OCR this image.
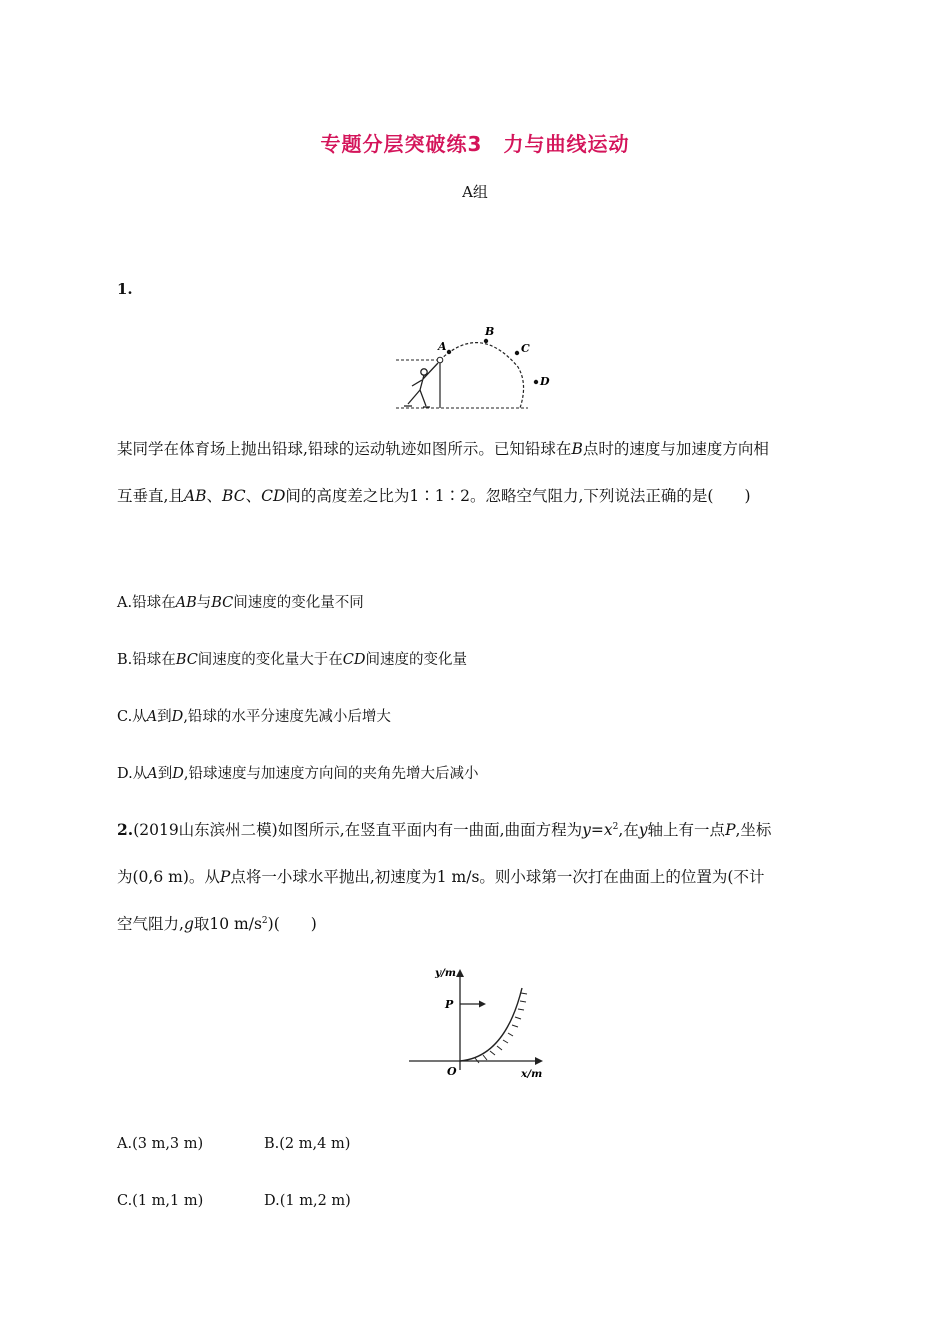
专题分层突破练3　力与曲线运动
A组
1.
A
B
C
D
某同学在体育场上抛出铅球,铅球的运动轨迹如图所示。已知铅球在B点时的速度与加速度方向相
互垂直,且AB、BC、CD间的高度差之比为1∶1∶2。忽略空气阻力,下列说法正确的是(　　)
A.铅球在AB与BC间速度的变化量不同
B.铅球在BC间速度的变化量大于在CD间速度的变化量
C.从A到D,铅球的水平分速度先减小后增大
D.从A到D,铅球速度与加速度方向间的夹角先增大后减小
2.(2019山东滨州二模)如图所示,在竖直平面内有一曲面,曲面方程为$y=x^2$,在y轴上有一点P,坐标
为(0,6 m)。从P点将一小球水平抛出,初速度为1 m/s。则小球第一次打在曲面上的位置为(不计
空气阻力,g取10 $m/s^2$)(　　)
y/m
P
O	x/m
A.(3 m,3 m)	B.(2 m,4 m)
C.(1 m,1 m)	D.(1 m,2 m)
